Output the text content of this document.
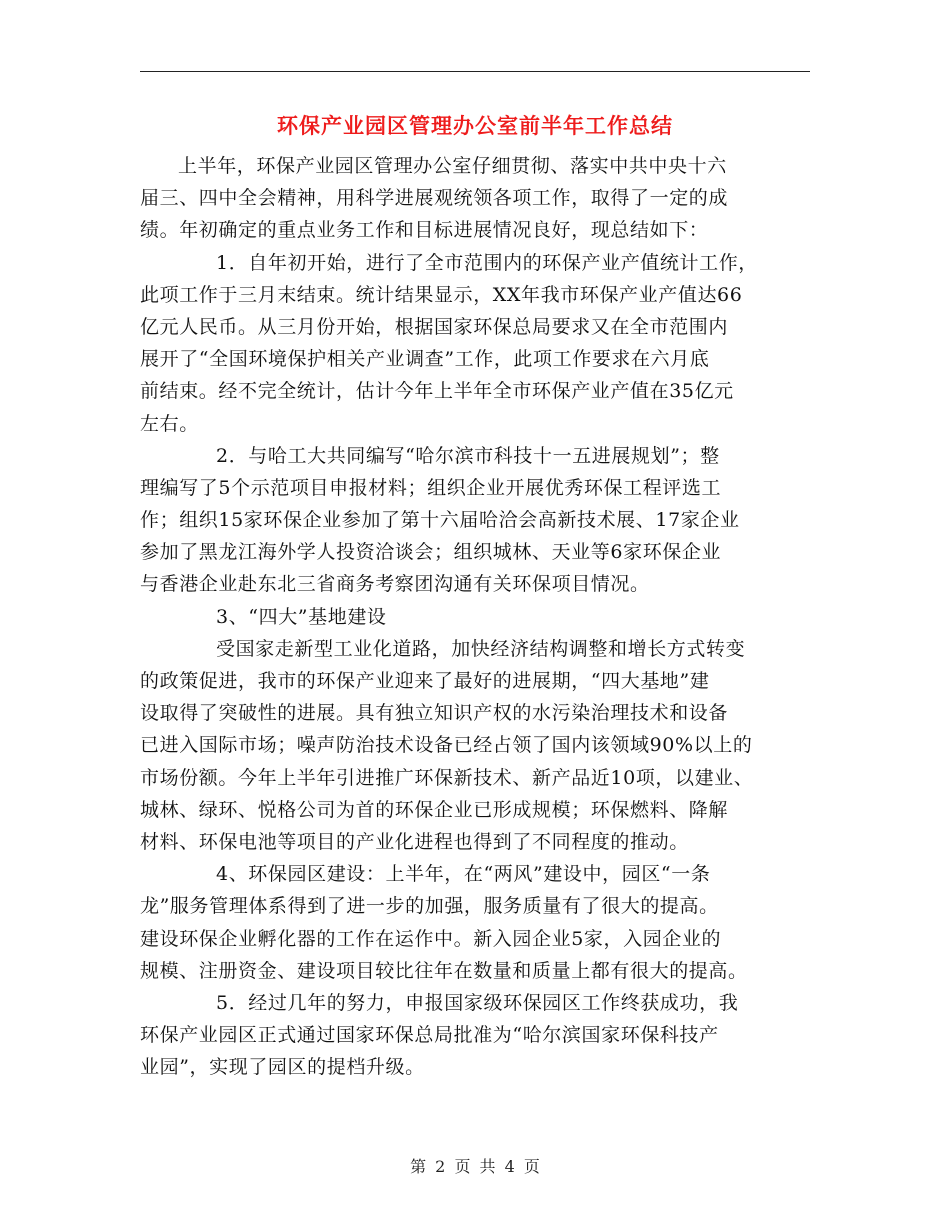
环保产业园区管理办公室前半年工作总结
上半年，环保产业园区管理办公室仔细贯彻、落实中共中央十六
届三、四中全会精神，用科学进展观统领各项工作，取得了一定的成
绩。年初确定的重点业务工作和目标进展情况良好，现总结如下：
1．自年初开始，进行了全市范围内的环保产业产值统计工作，
此项工作于三月末结束。统计结果显示，XX年我市环保产业产值达66
亿元人民币。从三月份开始，根据国家环保总局要求又在全市范围内
展开了“全国环境保护相关产业调查”工作，此项工作要求在六月底
前结束。经不完全统计，估计今年上半年全市环保产业产值在35亿元
左右。
2．与哈工大共同编写“哈尔滨市科技十一五进展规划”；整
理编写了5个示范项目申报材料；组织企业开展优秀环保工程评选工
作；组织15家环保企业参加了第十六届哈洽会高新技术展、17家企业
参加了黑龙江海外学人投资洽谈会；组织城林、天业等6家环保企业
与香港企业赴东北三省商务考察团沟通有关环保项目情况。
3、“四大”基地建设
受国家走新型工业化道路，加快经济结构调整和增长方式转变
的政策促进，我市的环保产业迎来了最好的进展期，“四大基地”建
设取得了突破性的进展。具有独立知识产权的水污染治理技术和设备
已进入国际市场；噪声防治技术设备已经占领了国内该领域90%以上的
市场份额。今年上半年引进推广环保新技术、新产品近10项，以建业、
城林、绿环、悦格公司为首的环保企业已形成规模；环保燃料、降解
材料、环保电池等项目的产业化进程也得到了不同程度的推动。
4、环保园区建设：上半年，在“两风”建设中，园区“一条
龙”服务管理体系得到了进一步的加强，服务质量有了很大的提高。
建设环保企业孵化器的工作在运作中。新入园企业5家，入园企业的
规模、注册资金、建设项目较比往年在数量和质量上都有很大的提高。
5．经过几年的努力，申报国家级环保园区工作终获成功，我
环保产业园区正式通过国家环保总局批准为“哈尔滨国家环保科技产
业园”，实现了园区的提档升级。
第 2 页 共 4 页
